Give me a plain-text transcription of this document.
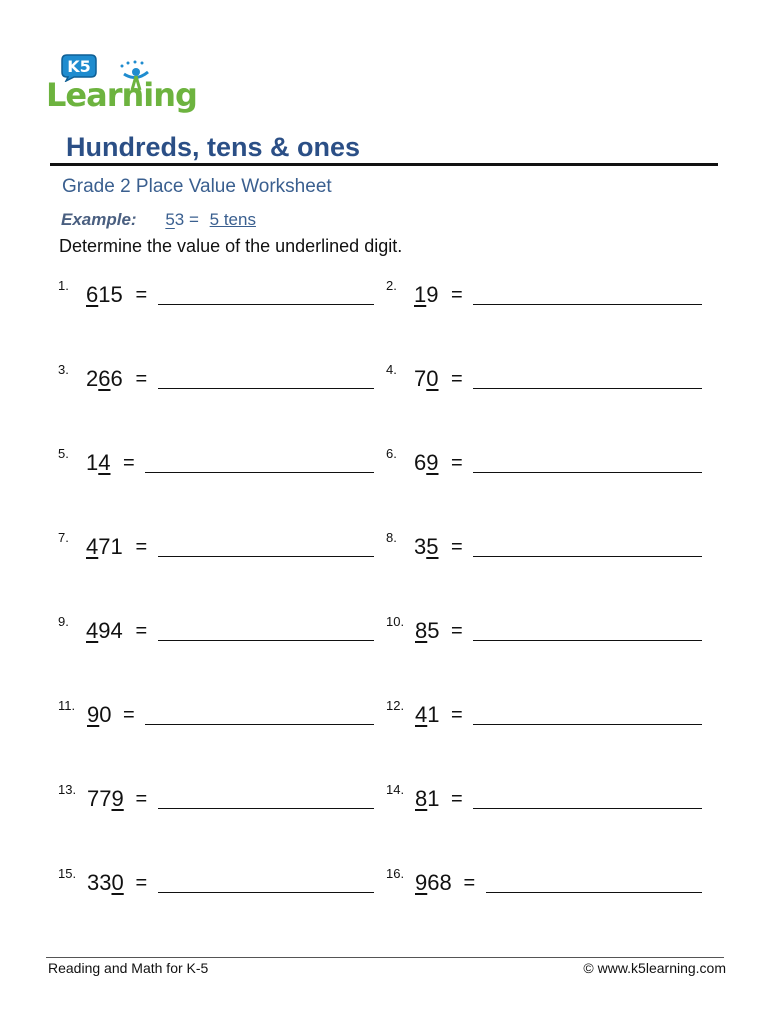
K5
Learning
Hundreds, tens & ones
Grade 2 Place Value Worksheet
Example: 53 = 5 tens
Determine the value of the underlined digit.
1. 615 =	2. 19 =
3. 266 =	4. 70 =
5. 14 =	6. 69 =
7. 471 =	8. 35 =
9. 494 =	10. 85 =
11. 90 =	12. 41 =
13. 779 =	14. 81 =
15. 330 =	16. 968 =
Reading and Math for K-5	© www.k5learning.com
